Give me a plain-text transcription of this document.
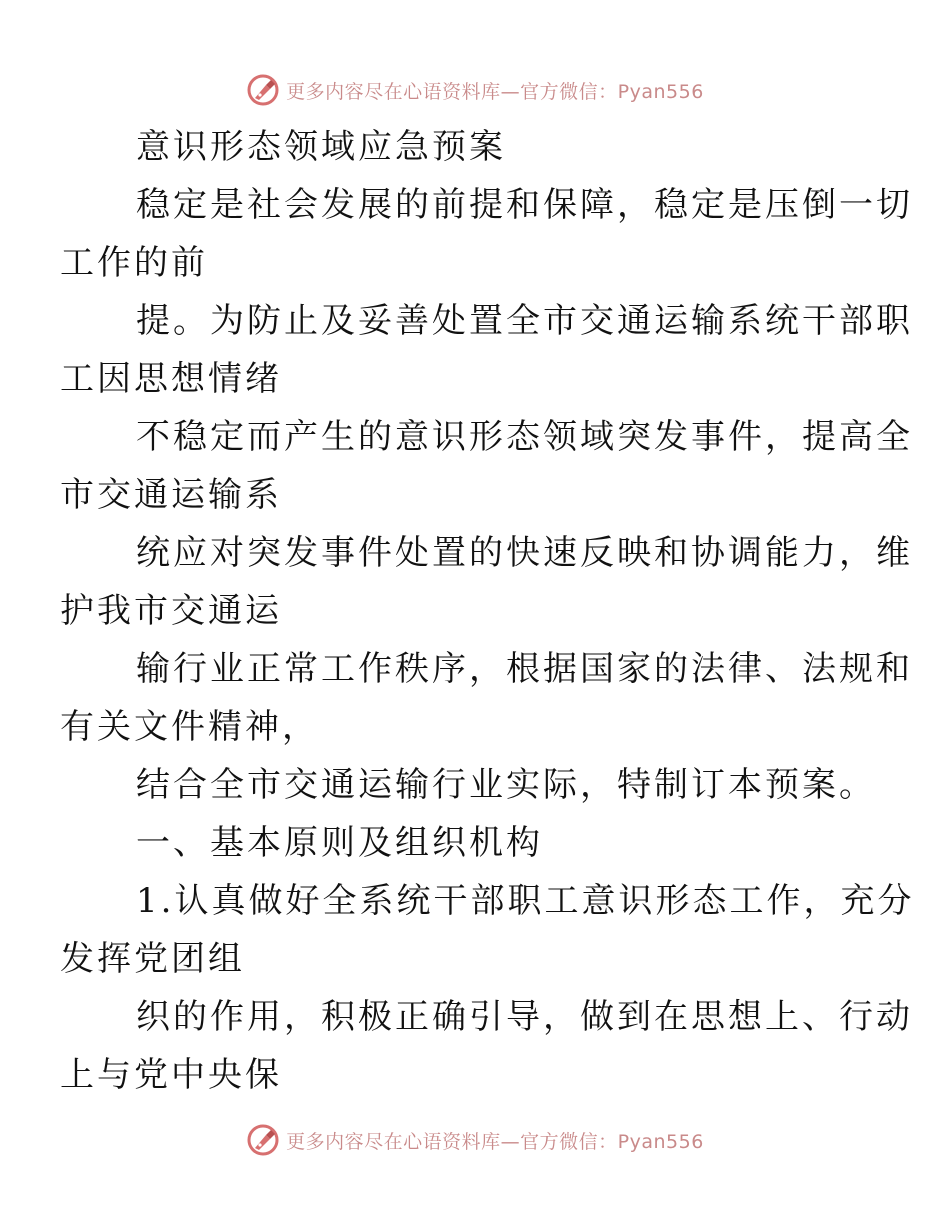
更多内容尽在心语资料库—官方微信：Pyan556

意识形态领域应急预案

稳定是社会发展的前提和保障，稳定是压倒一切
工作的前

提。为防止及妥善处置全市交通运输系统干部职
工因思想情绪

不稳定而产生的意识形态领域突发事件，提高全
市交通运输系

统应对突发事件处置的快速反映和协调能力，维
护我市交通运

输行业正常工作秩序，根据国家的法律、法规和
有关文件精神，

结合全市交通运输行业实际，特制订本预案。

一、基本原则及组织机构

1.认真做好全系统干部职工意识形态工作，充分
发挥党团组

织的作用，积极正确引导，做到在思想上、行动
上与党中央保

更多内容尽在心语资料库—官方微信：Pyan556
